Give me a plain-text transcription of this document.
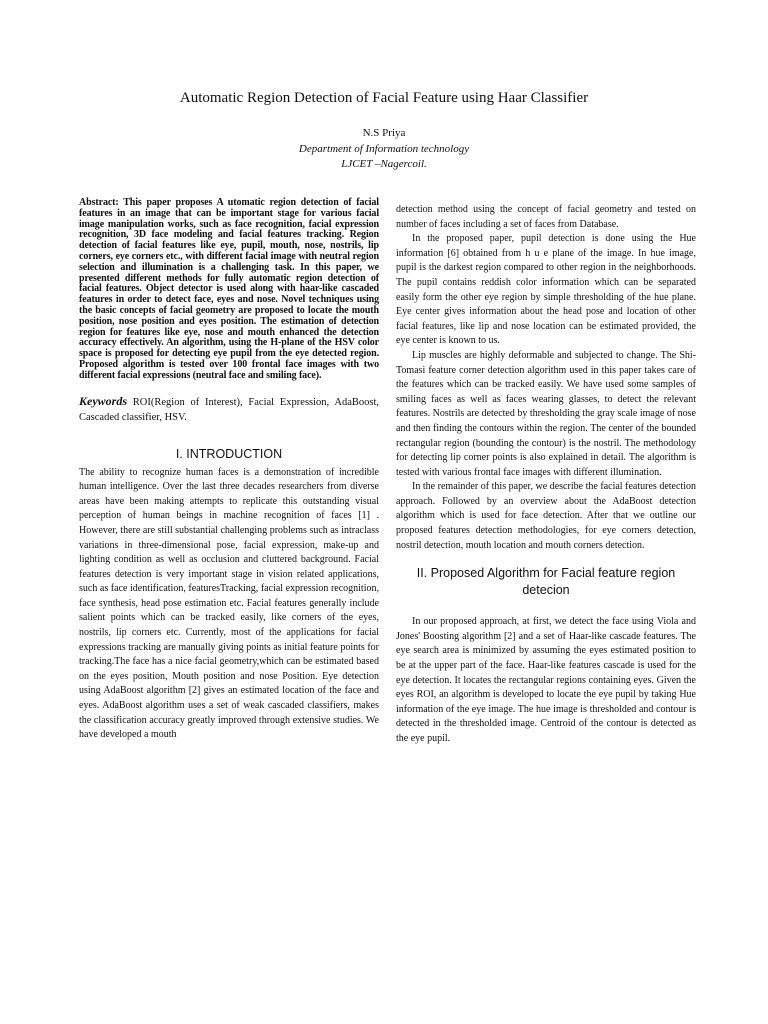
Automatic Region Detection of Facial Feature using Haar Classifier
N.S Priya
Department of Information technology
LJCET –Nagercoil.

Abstract: This paper proposes A utomatic region detection of facial features in an image that can be important stage for various facial image manipulation works, such as face recognition, facial expression recognition, 3D face modeling and facial features tracking. Region detection of facial features like eye, pupil, mouth, nose, nostrils, lip corners, eye corners etc., with different facial image with neutral region selection and illumination is a challenging task. In this paper, we presented different methods for fully automatic region detection of facial features. Object detector is used along with haar-like cascaded features in order to detect face, eyes and nose. Novel techniques using the basic concepts of facial geometry are proposed to locate the mouth position, nose position and eyes position. The estimation of detection region for features like eye, nose and mouth enhanced the detection accuracy effectively. An algorithm, using the H-plane of the HSV color space is proposed for detecting eye pupil from the eye detected region. Proposed algorithm is tested over 100 frontal face images with two different facial expressions (neutral face and smiling face).

Keywords ROI(Region of Interest), Facial Expression, AdaBoost, Cascaded classifier, HSV.

I. INTRODUCTION

The ability to recognize human faces is a demonstration of incredible human intelligence. Over the last three decades researchers from diverse areas have been making attempts to replicate this outstanding visual perception of human beings in machine recognition of faces [1] . However, there are still substantial challenging problems such as intraclass variations in three-dimensional pose, facial expression, make-up and lighting condition as well as occlusion and cluttered background. Facial features detection is very important stage in vision related applications, such as face identification, featuresTracking, facial expression recognition, face synthesis, head pose estimation etc. Facial features generally include salient points which can be tracked easily, like corners of the eyes, nostrils, lip corners etc. Currently, most of the applications for facial expressions tracking are manually giving points as initial feature points for tracking.The face has a nice facial geometry,which can be estimated based on the eyes position, Mouth position and nose Position. Eye detection using AdaBoost algorithm [2] gives an estimated location of the face and eyes. AdaBoost algorithm uses a set of weak cascaded classifiers, makes the classification accuracy greatly improved through extensive studies. We have developed a mouth

detection method using the concept of facial geometry and tested on number of faces including a set of faces from Database.

In the proposed paper, pupil detection is done using the Hue information [6] obtained from h u e plane of the image. In hue image, pupil is the darkest region compared to other region in the neighborhoods. The pupil contains reddish color information which can be separated easily form the other eye region by simple thresholding of the hue plane. Eye center gives information about the head pose and location of other facial features, like lip and nose location can be estimated provided, the eye center is known to us.

Lip muscles are highly deformable and subjected to change. The Shi-Tomasi feature corner detection algorithm used in this paper takes care of the features which can be tracked easily. We have used some samples of smiling faces as well as faces wearing glasses, to detect the relevant features. Nostrils are detected by thresholding the gray scale image of nose and then finding the contours within the region. The center of the bounded rectangular region (bounding the contour) is the nostril. The methodology for detecting lip corner points is also explained in detail. The algorithm is tested with various frontal face images with different illumination.

In the remainder of this paper, we describe the facial features detection approach. Followed by an overview about the AdaBoost detection algorithm which is used for face detection. After that we outline our proposed features detection methodologies, for eye corners detection, nostril detection, mouth location and mouth corners detection.

II. Proposed Algorithm for Facial feature region detecion

In our proposed approach, at first, we detect the face using Viola and Jones' Boosting algorithm [2] and a set of Haar-like cascade features. The eye search area is minimized by assuming the eyes estimated position to be at the upper part of the face. Haar-like features cascade is used for the eye detection. It locates the rectangular regions containing eyes. Given the eyes ROI, an algorithm is developed to locate the eye pupil by taking Hue information of the eye image. The hue image is thresholded and contour is detected in the thresholded image. Centroid of the contour is detected as the eye pupil.
